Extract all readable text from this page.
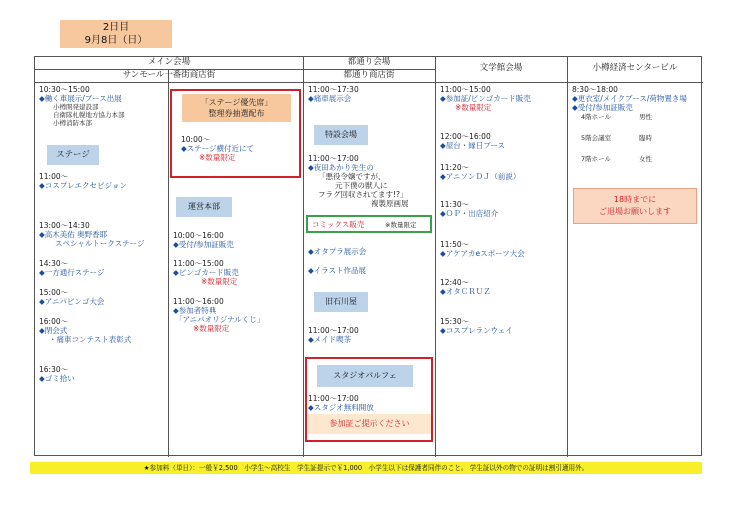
2日目
9月8日（日）
メイン会場
サンモール一番街商店街
都通り会場
都通り商店街
文学館会場	小樽経済センタービル
10:30～15:00
◆働く車展示/ブース出展
小樽開発建設部
自衛隊札幌地方協力本部
小樽消防本部
ステージ
11:00～
◆コスプレエクセビジョン
13:00～14:30
◆高木美佑 奥野香耶
スペシャルトークステージ
14:30～
◆一方通行ステージ
15:00～
◆アニパビンゴ大会
16:00～
◆閉会式
・痛車コンテスト表彰式
16:30～
◆ゴミ拾い
「ステージ優先席」
整理券抽選配布
10:00～
◆ステージ横付近にて
※数量限定
運営本部
10:00～16:00
◆受付/参加証販売
11:00～15:00
◆ビンゴカード販売
※数量限定
11:00～16:00
◆参加者特典
「アニパオリジナルくじ」
※数量限定
11:00～17:30
◆痛車展示会
特設会場
11:00～17:00
◆夜田あかり先生の
「悪役令嬢ですが、
元下僕の獣人に
フラグ回収されてます!?」
複製原画展
コミックス販売	※数量限定
◆オタプラ展示会
◆イラスト作品展
旧石川屋
11:00～17:00
◆メイド喫茶
スタジオパルフェ
11:00～17:00
◆スタジオ無料開放
参加証ご提示ください
11:00～15:00
◆参加証/ビンゴカード販売
※数量限定
12:00～16:00
◆屋台・縁日ブース
11:20～
◆アニソンＤＪ（前説）
11:30～
◆ＯＰ・出店紹介
11:50～
◆アケアカeスポーツ大会
12:40～
◆オタＣＲＵＺ
15:30～
◆コスプレランウェイ
8:30～18:00
◆更衣室/メイクブース/荷物置き場
◆受付/参加証販売
4階ホール	男性
5階会議室	臨時
7階ホール	女性
18時までに
ご退場お願いします
★参加料（単日）：一般￥2,500　小学生～高校生　学生証提示で￥1,000　小学生以下は保護者同伴のこと。 学生証以外の物での証明は割引適用外。
